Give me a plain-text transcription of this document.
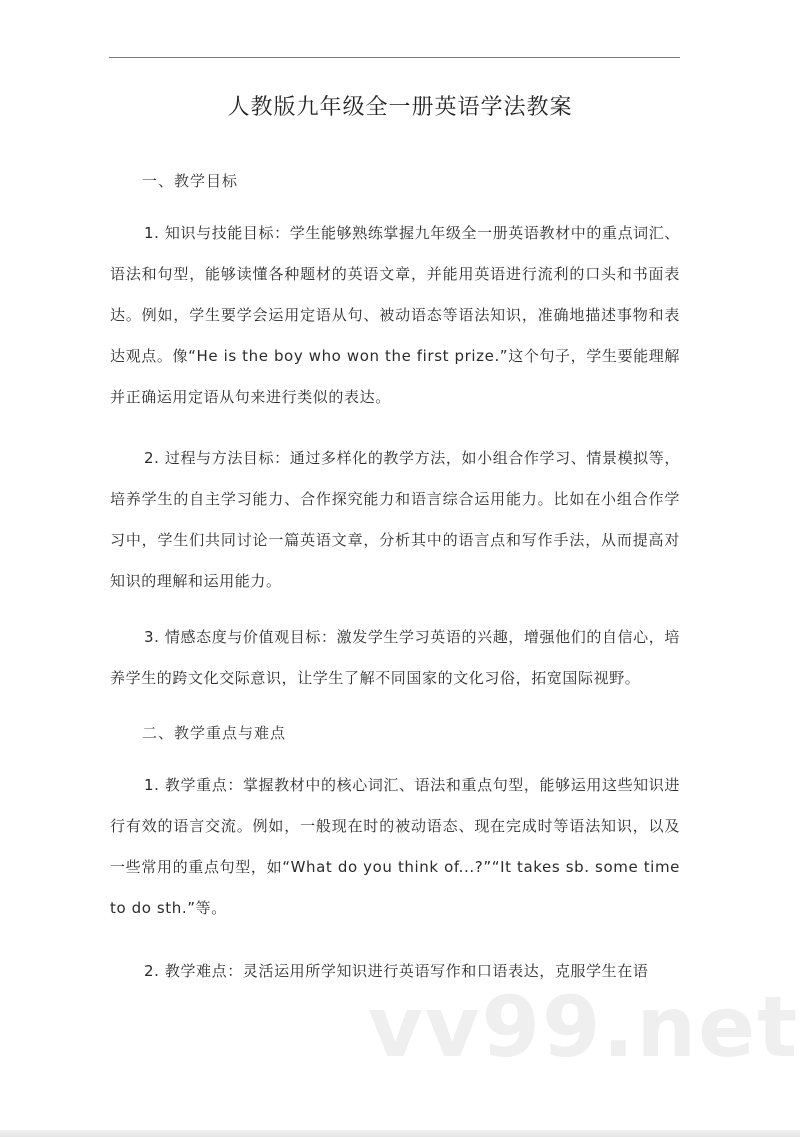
人教版九年级全一册英语学法教案

一、教学目标

1. 知识与技能目标：学生能够熟练掌握九年级全一册英语教材中的重点词汇、语法和句型，能够读懂各种题材的英语文章，并能用英语进行流利的口头和书面表达。例如，学生要学会运用定语从句、被动语态等语法知识，准确地描述事物和表达观点。像“He is the boy who won the first prize.”这个句子，学生要能理解并正确运用定语从句来进行类似的表达。

2. 过程与方法目标：通过多样化的教学方法，如小组合作学习、情景模拟等，培养学生的自主学习能力、合作探究能力和语言综合运用能力。比如在小组合作学习中，学生们共同讨论一篇英语文章，分析其中的语言点和写作手法，从而提高对知识的理解和运用能力。

3. 情感态度与价值观目标：激发学生学习英语的兴趣，增强他们的自信心，培养学生的跨文化交际意识，让学生了解不同国家的文化习俗，拓宽国际视野。

二、教学重点与难点

1. 教学重点：掌握教材中的核心词汇、语法和重点句型，能够运用这些知识进行有效的语言交流。例如，一般现在时的被动语态、现在完成时等语法知识，以及一些常用的重点句型，如“What do you think of...?”“It takes sb. some time to do sth.”等。

2. 教学难点：灵活运用所学知识进行英语写作和口语表达，克服学生在语

vv99.net
